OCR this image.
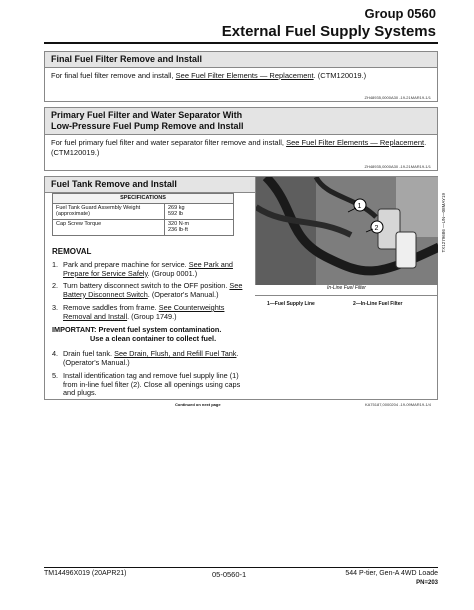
Group 0560
External Fuel Supply Systems
Final Fuel Filter Remove and Install
For final fuel filter remove and install, See Fuel Filter Elements — Replacement. (CTM120019.)
ZH48935,0000A30 -19-21MAR19-1/1
Primary Fuel Filter and Water Separator With
Low-Pressure Fuel Pump Remove and Install
For fuel primary fuel filter and water separator filter remove and install, See Fuel Filter Elements — Replacement. (CTM120019.)
ZH48935,0000A30 -19-21MAR19-1/1
Fuel Tank Remove and Install
SPECIFICATIONS	
Fuel Tank Guard Assembly Weight (approximate)	269 kg
592 lb

Cap Screw Torque	320 N·m
236 lb·ft
REMOVAL
1. Park and prepare machine for service. See Park and Prepare for Service Safely. (Group 0001.)
2. Turn battery disconnect switch to the OFF position. See Battery Disconnect Switch. (Operator's Manual.)
3. Remove saddles from frame. See Counterweights Removal and Install. (Group 1749.)
IMPORTANT: Prevent fuel system contamination.
Use a clean container to collect fuel.
4. Drain fuel tank. See Drain, Flush, and Refill Fuel Tank. (Operator's Manual.)
5. Install identification tag and remove fuel supply line (1) from in-line fuel filter (2). Close all openings using caps and plugs.
1
2	TX1279686 —UN—08MAY19
In-Line Fuel Filter
1—Fuel Supply Line	2—In-Line Fuel Filter
Continued on next page	KA75187,0000204 -19-09MAR19-1/4
TM14496X019 (20APR21)	05-0560-1	544 P-tier, Gen-A 4WD Loade
PN=203
